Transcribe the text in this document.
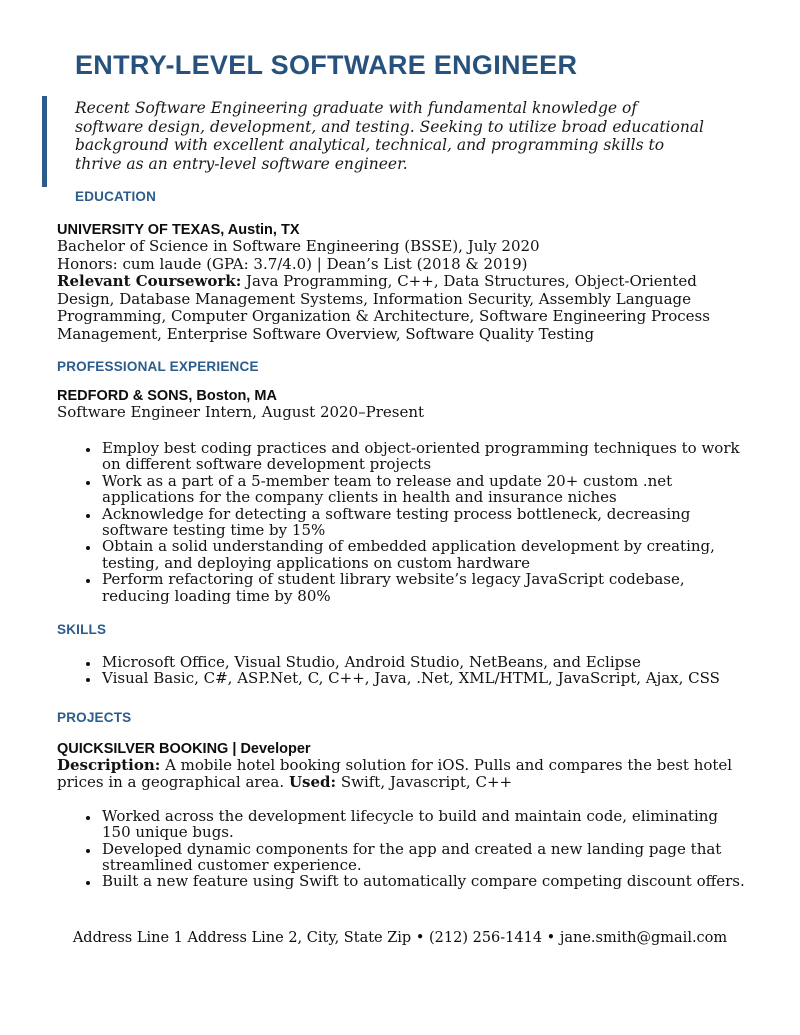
ENTRY-LEVEL SOFTWARE ENGINEER

Recent Software Engineering graduate with fundamental knowledge of software design, development, and testing. Seeking to utilize broad educational background with excellent analytical, technical, and programming skills to thrive as an entry-level software engineer.

EDUCATION

UNIVERSITY OF TEXAS, Austin, TX

Bachelor of Science in Software Engineering (BSSE), July 2020

Honors: cum laude (GPA: 3.7/4.0) | Dean’s List (2018 & 2019)

Relevant Coursework: Java Programming, C++, Data Structures, Object-Oriented Design, Database Management Systems, Information Security, Assembly Language Programming, Computer Organization & Architecture, Software Engineering Process Management, Enterprise Software Overview, Software Quality Testing

PROFESSIONAL EXPERIENCE

REDFORD & SONS, Boston, MA

Software Engineer Intern, August 2020–Present

• Employ best coding practices and object-oriented programming techniques to work on different software development projects
• Work as a part of a 5-member team to release and update 20+ custom .net applications for the company clients in health and insurance niches
• Acknowledge for detecting a software testing process bottleneck, decreasing software testing time by 15%
• Obtain a solid understanding of embedded application development by creating, testing, and deploying applications on custom hardware
• Perform refactoring of student library website’s legacy JavaScript codebase, reducing loading time by 80%
SKILLS
• Microsoft Office, Visual Studio, Android Studio, NetBeans, and Eclipse
• Visual Basic, C#, ASP.Net, C, C++, Java, .Net, XML/HTML, JavaScript, Ajax, CSS
PROJECTS

QUICKSILVER BOOKING | Developer

Description: A mobile hotel booking solution for iOS. Pulls and compares the best hotel prices in a geographical area. Used: Swift, Javascript, C++

• Worked across the development lifecycle to build and maintain code, eliminating 150 unique bugs.
• Developed dynamic components for the app and created a new landing page that streamlined customer experience.
• Built a new feature using Swift to automatically compare competing discount offers.
Address Line 1 Address Line 2, City, State Zip • (212) 256-1414 • jane.smith@gmail.com
